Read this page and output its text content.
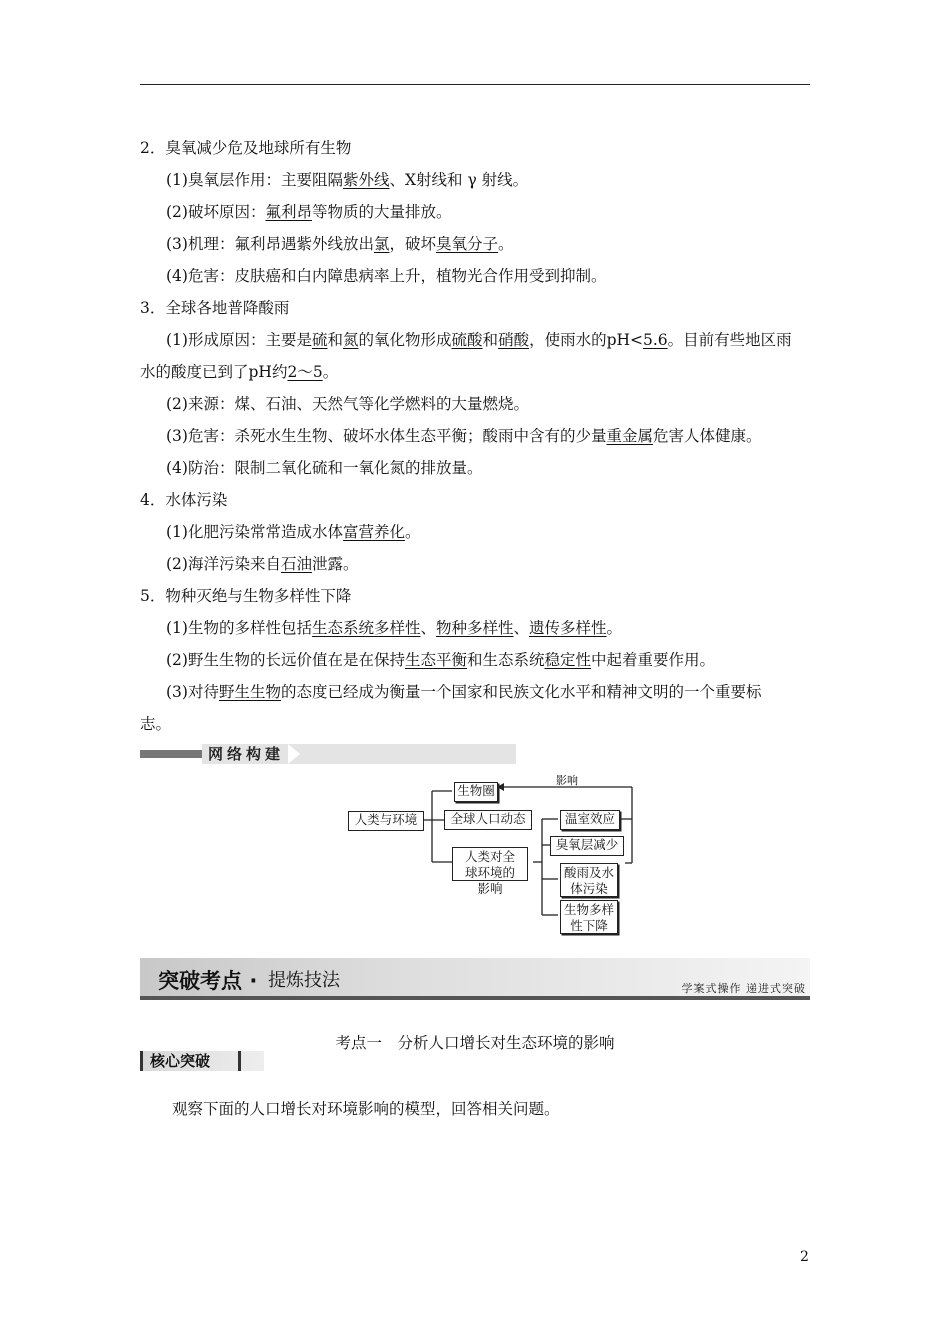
2．臭氧减少危及地球所有生物
(1)臭氧层作用：主要阻隔紫外线、X射线和 γ 射线。
(2)破坏原因：氟利昂等物质的大量排放。
(3)机理：氟利昂遇紫外线放出氯，破坏臭氧分子。
(4)危害：皮肤癌和白内障患病率上升，植物光合作用受到抑制。
3．全球各地普降酸雨
(1)形成原因：主要是硫和氮的氧化物形成硫酸和硝酸，使雨水的pH<5.6。目前有些地区雨
水的酸度已到了pH约2～5。
(2)来源：煤、石油、天然气等化学燃料的大量燃烧。
(3)危害：杀死水生生物、破坏水体生态平衡；酸雨中含有的少量重金属危害人体健康。
(4)防治：限制二氧化硫和一氧化氮的排放量。
4．水体污染
(1)化肥污染常常造成水体富营养化。
(2)海洋污染来自石油泄露。
5．物种灭绝与生物多样性下降
(1)生物的多样性包括生态系统多样性、物种多样性、遗传多样性。
(2)野生生物的长远价值在是在保持生态平衡和生态系统稳定性中起着重要作用。
(3)对待野生生物的态度已经成为衡量一个国家和民族文化水平和精神文明的一个重要标
志。
网络构建
影响
人类与环境
生物圈
全球人口动态
人类对全球环境的影响
温室效应
臭氧层减少
酸雨及水体污染
生物多样性下降
突破考点 · 提炼技法	学案式操作 递进式突破
考点一　分析人口增长对生态环境的影响
核心突破
观察下面的人口增长对环境影响的模型，回答相关问题。
2
